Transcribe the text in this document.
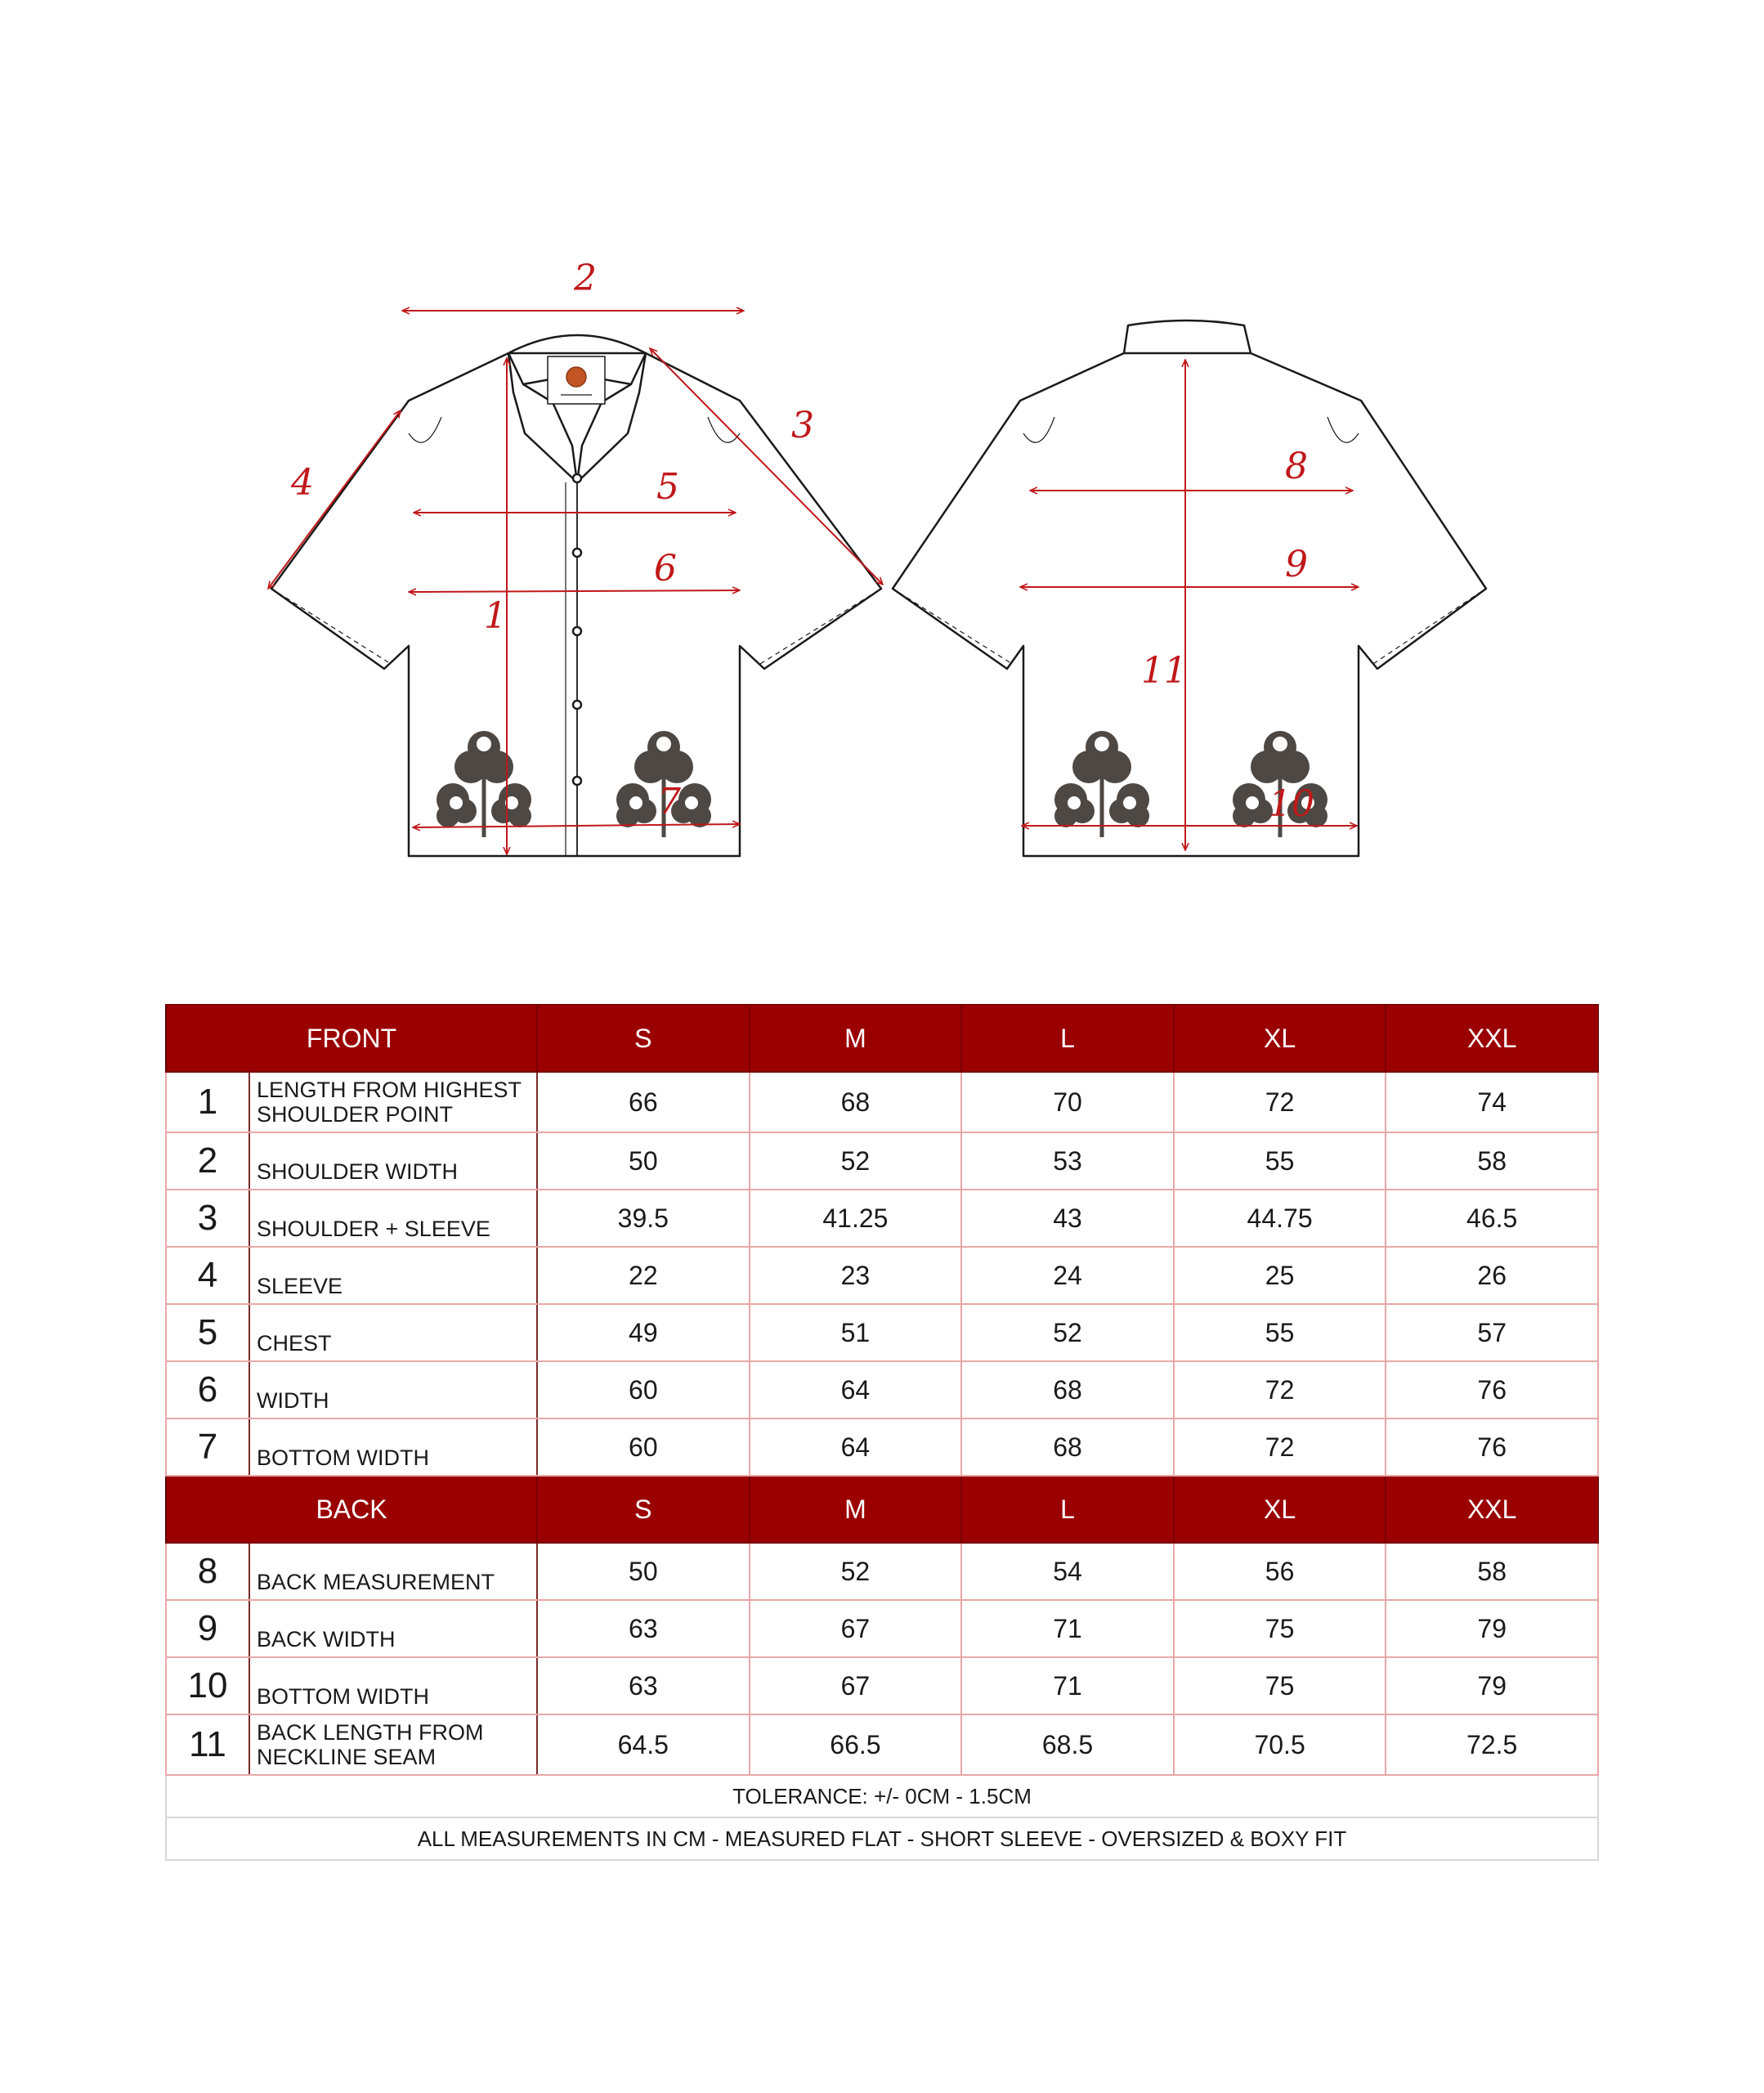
2
3
4	5
6
1
7
8
9
11
10
FRONT		S	M	L	XL	XXL
1	LENGTH FROM HIGHEST SHOULDER POINT	66	68	70	72	74
2	SHOULDER WIDTH	50	52	53	55	58
3	SHOULDER + SLEEVE	39.5	41.25	43	44.75	46.5
4	SLEEVE	22	23	24	25	26
5	CHEST	49	51	52	55	57
6	WIDTH	60	64	68	72	76
7	BOTTOM WIDTH	60	64	68	72	76
BACK		S	M	L	XL	XXL
8	BACK MEASUREMENT	50	52	54	56	58
9	BACK WIDTH	63	67	71	75	79
10	BOTTOM WIDTH	63	67	71	75	79
11	BACK LENGTH FROM NECKLINE SEAM	64.5	66.5	68.5	70.5	72.5
TOLERANCE: +/- 0CM - 1.5CM						
ALL MEASUREMENTS IN CM - MEASURED FLAT - SHORT SLEEVE - OVERSIZED & BOXY FIT						
